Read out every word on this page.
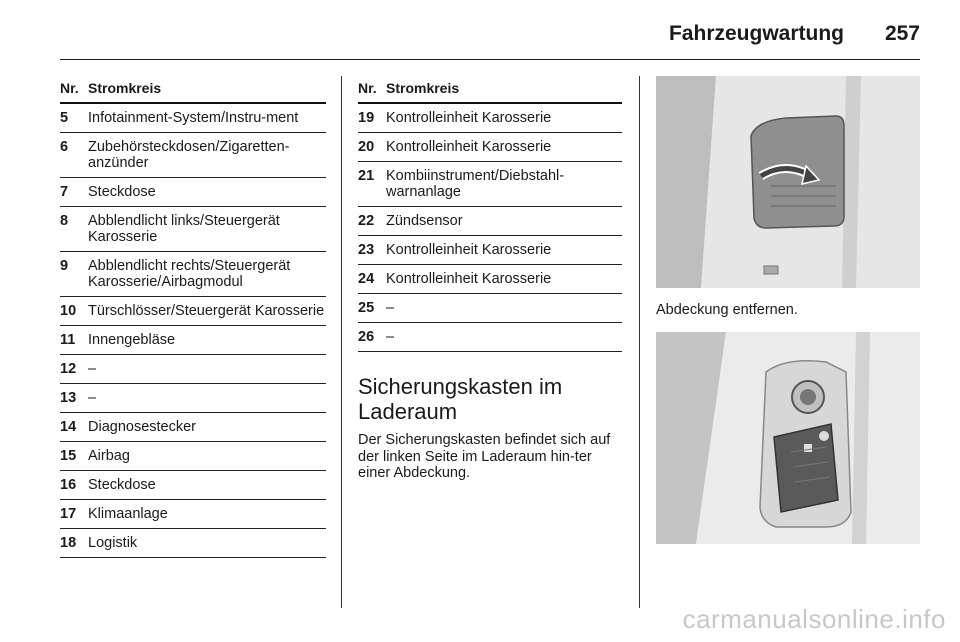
Fahrzeugwartung 257
Nr. Stromkreis
5	Infotainment-System/Instru-ment
6	Zubehörsteckdosen/Zigaretten-anzünder
7	Steckdose
8	Abblendlicht links/Steuergerät Karosserie
9	Abblendlicht rechts/Steuergerät Karosserie/Airbagmodul
10 Türschlösser/Steuergerät Karosserie
11 Innengebläse
12 –
13 –
14 Diagnosestecker
15 Airbag
16 Steckdose
17 Klimaanlage
18 Logistik
Nr. Stromkreis
19 Kontrolleinheit Karosserie
20 Kontrolleinheit Karosserie
21 Kombiinstrument/Diebstahl-warnanlage
22 Zündsensor
23 Kontrolleinheit Karosserie
24 Kontrolleinheit Karosserie
25 –
26 –
Sicherungskasten im Laderaum

Der Sicherungskasten befindet sich auf der linken Seite im Laderaum hin-ter einer Abdeckung.

Abdeckung entfernen.

carmanualsonline.info
